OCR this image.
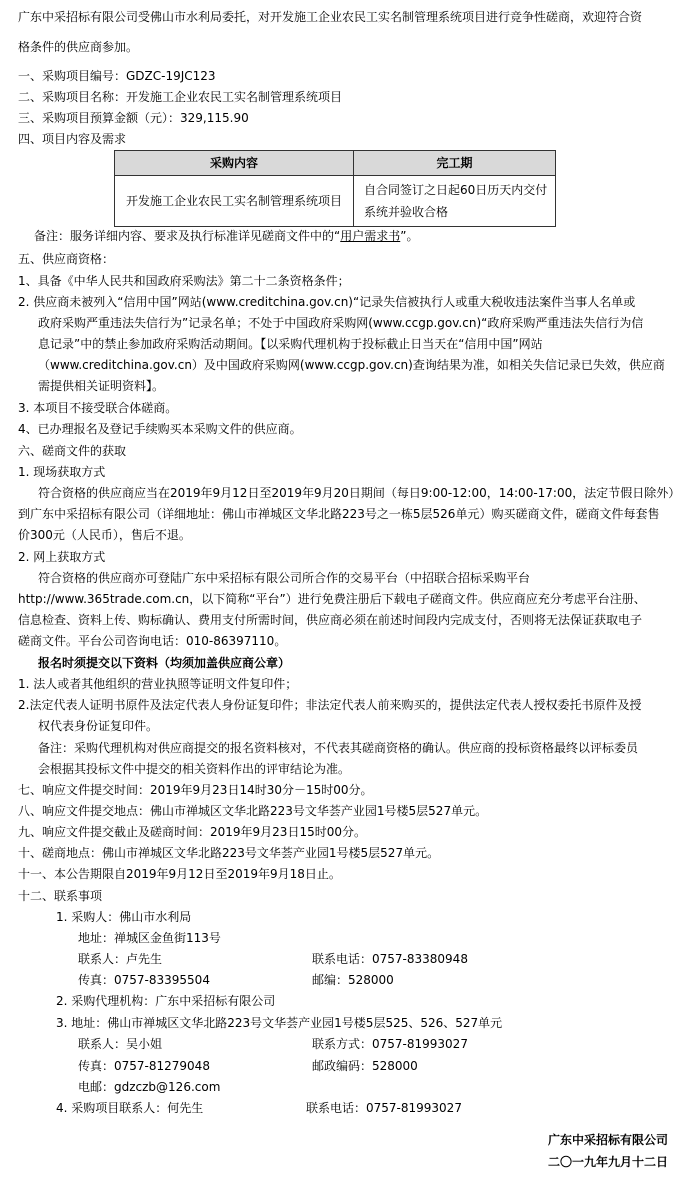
广东中采招标有限公司受佛山市水利局委托，对开发施工企业农民工实名制管理系统项目进行竞争性磋商，欢迎符合资
格条件的供应商参加。
一、采购项目编号：GDZC-19JC123
二、采购项目名称：开发施工企业农民工实名制管理系统项目
三、采购项目预算金额（元）：329,115.90
四、项目内容及需求
采购内容	完工期
开发施工企业农民工实名制管理系统项目	自合同签订之日起60日历天内交付系统并验收合格
备注：服务详细内容、要求及执行标准详见磋商文件中的“用户需求书”。
五、供应商资格：
1、具备《中华人民共和国政府采购法》第二十二条资格条件；
2. 供应商未被列入“信用中国”网站(www.creditchina.gov.cn)“记录失信被执行人或重大税收违法案件当事人名单或
政府采购严重违法失信行为”记录名单；不处于中国政府采购网(www.ccgp.gov.cn)“政府采购严重违法失信行为信
息记录”中的禁止参加政府采购活动期间。【以采购代理机构于投标截止日当天在“信用中国”网站
（www.creditchina.gov.cn）及中国政府采购网(www.ccgp.gov.cn)查询结果为准，如相关失信记录已失效，供应商
需提供相关证明资料】。
3. 本项目不接受联合体磋商。
4、已办理报名及登记手续购买本采购文件的供应商。
六、磋商文件的获取
1. 现场获取方式
符合资格的供应商应当在2019年9月12日至2019年9月20日期间（每日9:00-12:00，14:00-17:00，法定节假日除外）
到广东中采招标有限公司（详细地址：佛山市禅城区文华北路223号之一栋5层526单元）购买磋商文件，磋商文件每套售
价300元（人民币），售后不退。
2. 网上获取方式
符合资格的供应商亦可登陆广东中采招标有限公司所合作的交易平台（中招联合招标采购平台
http://www.365trade.com.cn，以下简称“平台”）进行免费注册后下载电子磋商文件。供应商应充分考虑平台注册、
信息检查、资料上传、购标确认、费用支付所需时间，供应商必须在前述时间段内完成支付，否则将无法保证获取电子
磋商文件。平台公司咨询电话：010-86397110。
报名时须提交以下资料（均须加盖供应商公章）
1. 法人或者其他组织的营业执照等证明文件复印件；
2.法定代表人证明书原件及法定代表人身份证复印件；非法定代表人前来购买的，提供法定代表人授权委托书原件及授
权代表身份证复印件。
备注：采购代理机构对供应商提交的报名资料核对，不代表其磋商资格的确认。供应商的投标资格最终以评标委员
会根据其投标文件中提交的相关资料作出的评审结论为准。
七、响应文件提交时间：2019年9月23日14时30分－15时00分。
八、响应文件提交地点：佛山市禅城区文华北路223号文华荟产业园1号楼5层527单元。
九、响应文件提交截止及磋商时间：2019年9月23日15时00分。
十、磋商地点：佛山市禅城区文华北路223号文华荟产业园1号楼5层527单元。
十一、本公告期限自2019年9月12日至2019年9月18日止。
十二、联系事项
1. 采购人：佛山市水利局
地址：禅城区金鱼街113号
联系人：卢先生	联系电话：0757-83380948
传真：0757-83395504	邮编：528000
2. 采购代理机构：广东中采招标有限公司
3. 地址：佛山市禅城区文华北路223号文华荟产业园1号楼5层525、526、527单元
联系人：吴小姐	联系方式：0757-81993027
传真：0757-81279048	邮政编码：528000
电邮：gdzczb@126.com
4. 采购项目联系人：何先生	联系电话：0757-81993027
广东中采招标有限公司
二〇一九年九月十二日
